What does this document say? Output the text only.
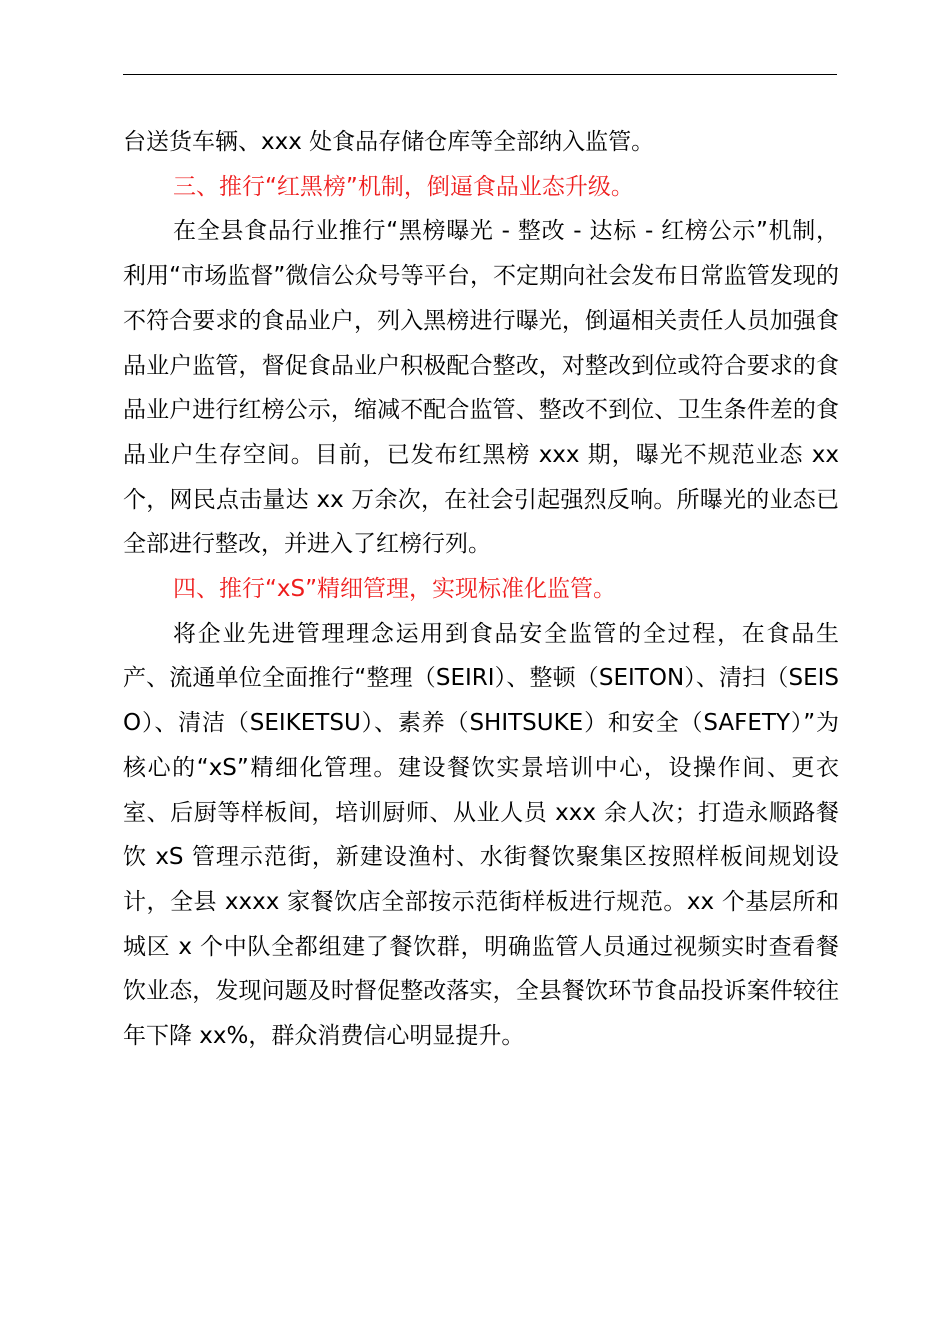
台送货车辆、xxx 处食品存储仓库等全部纳入监管。

三、推行“红黑榜”机制，倒逼食品业态升级。

在全县食品行业推行“黑榜曝光 - 整改 - 达标 - 红榜公示”机制，利用“市场监督”微信公众号等平台，不定期向社会发布日常监管发现的不符合要求的食品业户，列入黑榜进行曝光，倒逼相关责任人员加强食品业户监管，督促食品业户积极配合整改，对整改到位或符合要求的食品业户进行红榜公示，缩减不配合监管、整改不到位、卫生条件差的食品业户生存空间。目前，已发布红黑榜 xxx 期，曝光不规范业态 xx 个，网民点击量达 xx 万余次，在社会引起强烈反响。所曝光的业态已全部进行整改，并进入了红榜行列。

四、推行“xS”精细管理，实现标准化监管。

将企业先进管理理念运用到食品安全监管的全过程，在食品生产、流通单位全面推行“整理（SEIRI）、整顿（SEITON）、清扫（SEISO）、清洁（SEIKETSU）、素养（SHITSUKE）和安全（SAFETY）”为核心的“xS”精细化管理。建设餐饮实景培训中心，设操作间、更衣室、后厨等样板间，培训厨师、从业人员 xxx 余人次；打造永顺路餐饮 xS 管理示范街，新建设渔村、水街餐饮聚集区按照样板间规划设计，全县 xxxx 家餐饮店全部按示范街样板进行规范。xx 个基层所和城区 x 个中队全都组建了餐饮群，明确监管人员通过视频实时查看餐饮业态，发现问题及时督促整改落实，全县餐饮环节食品投诉案件较往年下降 xx%，群众消费信心明显提升。
